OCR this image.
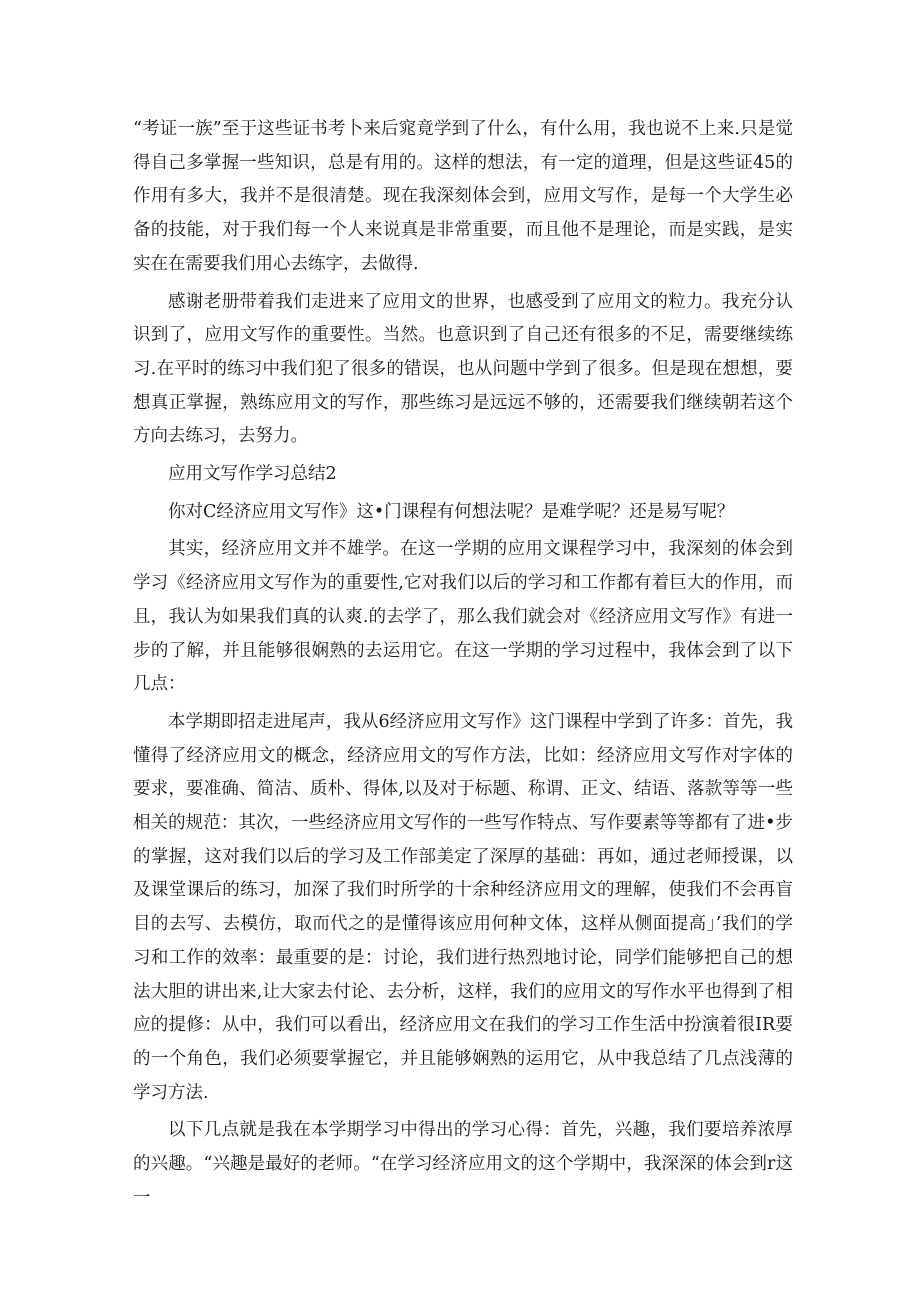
“考证一族”至于这些证书考卜来后窕竟学到了什么，有什么用，我也说不上来.只是觉得自己多掌握一些知识，总是有用的。这样的想法，有一定的道理，但是这些证45的作用有多大，我并不是很清楚。现在我深刻体会到，应用文写作，是每一个大学生必备的技能，对于我们每一个人来说真是非常重要，而且他不是理论，而是实践，是实实在在需要我们用心去练字，去做得.

感谢老册带着我们走进来了应用文的世界，也感受到了应用文的粒力。我充分认识到了，应用文写作的重要性。当然。也意识到了自己还有很多的不足，需要继续练习.在平时的练习中我们犯了很多的错误，也从问题中学到了很多。但是现在想想，要想真正掌握，熟练应用文的写作，那些练习是远远不够的，还需要我们继续朝若这个方向去练习，去努力。

应用文写作学习总结2

你对C经济应用文写作》这•门课程有何想法呢？是难学呢？还是易写呢？

其实，经济应用文并不雄学。在这一学期的应用文课程学习中，我深刻的体会到学习《经济应用文写作为的重要性,它对我们以后的学习和工作都有着巨大的作用，而且，我认为如果我们真的认爽.的去学了，那么我们就会对《经济应用文写作》有进一步的了解，并且能够很娴熟的去运用它。在这一学期的学习过程中，我体会到了以下几点：

本学期即招走进尾声，我从6经济应用文写作》这门课程中学到了许多：首先，我懂得了经济应用文的概念，经济应用文的写作方法，比如：经济应用文写作对字体的要求，要准确、简洁、质朴、得体,以及对于标题、称谓、正文、结语、落款等等一些相关的规范：其次，一些经济应用文写作的一些写作特点、写作要素等等都有了进•步的掌握，这对我们以后的学习及工作部美定了深厚的基础：再如，通过老师授课，以及课堂课后的练习，加深了我们时所学的十余种经济应用文的理解，使我们不会再盲目的去写、去模仿，取而代之的是懂得该应用何种文体，这样从侧面提高」’我们的学习和工作的效率：最重要的是：讨论，我们进行热烈地讨论，同学们能够把自己的想法大胆的讲出来,让大家去付论、去分析，这样，我们的应用文的写作水平也得到了相应的提修：从中，我们可以看出，经济应用文在我们的学习工作生活中扮演着很IR要的一个角色，我们必须要掌握它，并且能够娴熟的运用它，从中我总结了几点浅薄的学习方法.

以下几点就是我在本学期学习中得出的学习心得：首先，兴趣，我们要培养浓厚的兴趣。“兴趣是最好的老师。“在学习经济应用文的这个学期中，我深深的体会到r这一
